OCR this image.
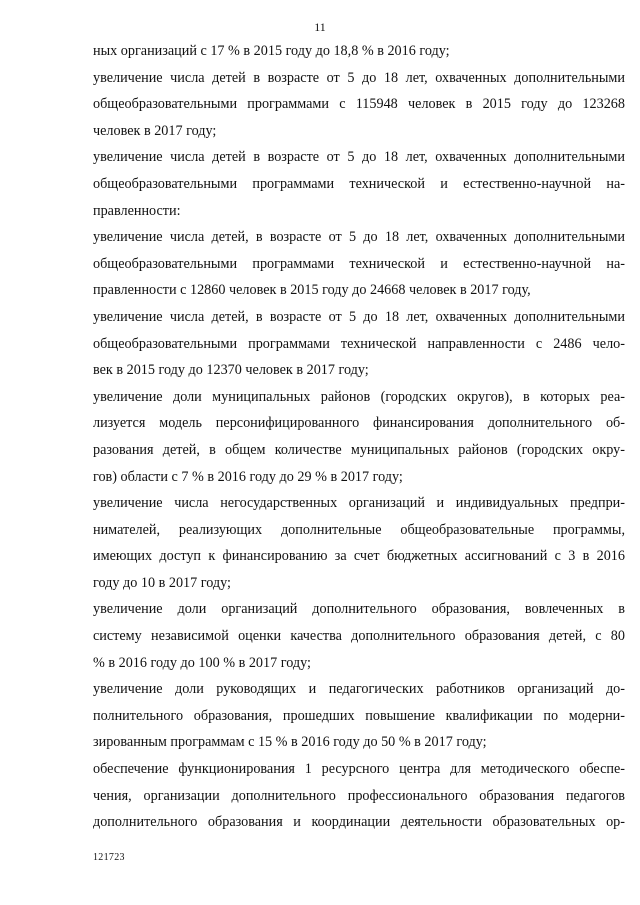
11
ных организаций с 17 % в 2015 году до 18,8 % в 2016 году;
увеличение числа детей в возрасте от 5 до 18 лет, охваченных дополнительными
общеобразовательными программами с 115948 человек в 2015 году до 123268
человек в 2017 году;
увеличение числа детей в возрасте от 5 до 18 лет, охваченных дополнительными
общеобразовательными программами технической и естественно-научной на-
правленности:
увеличение числа детей, в возрасте от 5 до 18 лет, охваченных дополнительными
общеобразовательными программами технической и естественно-научной на-
правленности с 12860 человек в 2015 году до 24668 человек в 2017 году,
увеличение числа детей, в возрасте от 5 до 18 лет, охваченных дополнительными
общеобразовательными программами технической направленности с 2486 чело-
век в 2015 году до 12370 человек в 2017 году;
увеличение доли муниципальных районов (городских округов), в которых реа-
лизуется модель персонифицированного финансирования дополнительного об-
разования детей, в общем количестве муниципальных районов (городских окру-
гов) области с 7 % в 2016 году до 29 % в 2017 году;
увеличение числа негосударственных организаций и индивидуальных предпри-
нимателей, реализующих дополнительные общеобразовательные программы,
имеющих доступ к финансированию за счет бюджетных ассигнований с 3 в 2016
году до 10 в 2017 году;
увеличение доли организаций дополнительного образования, вовлеченных в
систему независимой оценки качества дополнительного образования детей, с 80
% в 2016 году до 100 % в 2017 году;
увеличение доли руководящих и педагогических работников организаций до-
полнительного образования, прошедших повышение квалификации по модерни-
зированным программам с 15 % в 2016 году до 50 % в 2017 году;
обеспечение функционирования 1 ресурсного центра для методического обеспе-
чения, организации дополнительного профессионального образования педагогов
дополнительного образования и координации деятельности образовательных ор-
121723
